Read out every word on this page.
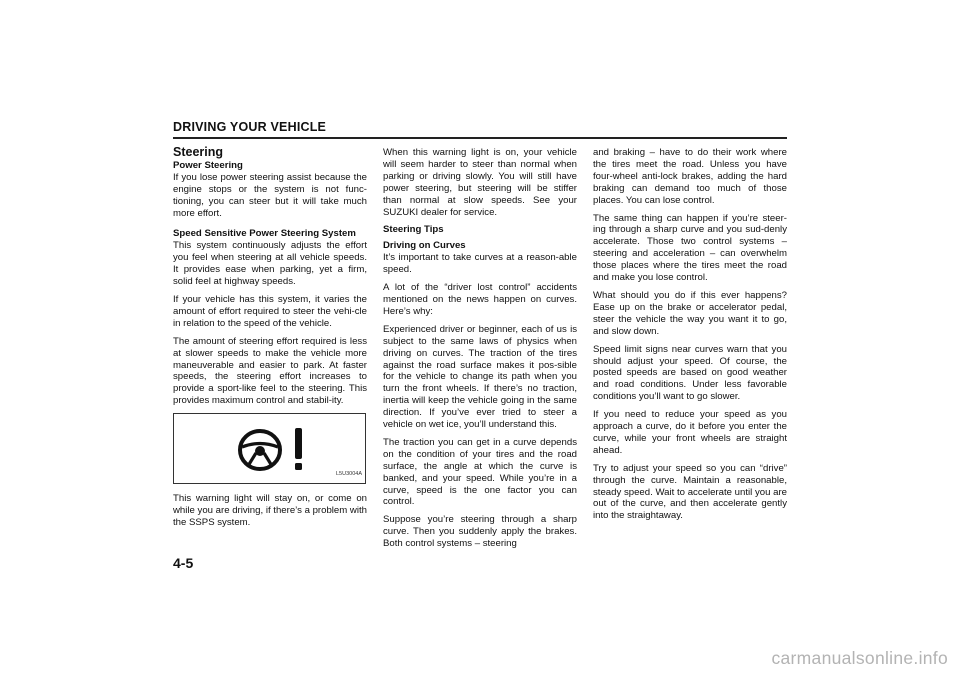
DRIVING YOUR VEHICLE
Steering
Power Steering

If you lose power steering assist because the engine stops or the system is not func-tioning, you can steer but it will take much more effort.

Speed Sensitive Power Steering System

This system continuously adjusts the effort you feel when steering at all vehicle speeds. It provides ease when parking, yet a firm, solid feel at highway speeds.

If your vehicle has this system, it varies the amount of effort required to steer the vehi-cle in relation to the speed of the vehicle.

The amount of steering effort required is less at slower speeds to make the vehicle more maneuverable and easier to park. At faster speeds, the steering effort increases to provide a sport-like feel to the steering. This provides maximum control and stabil-ity.

L5U3004A

This warning light will stay on, or come on while you are driving, if there’s a problem with the SSPS system.

When this warning light is on, your vehicle will seem harder to steer than normal when parking or driving slowly. You will still have power steering, but steering will be stiffer than normal at slow speeds. See your SUZUKI dealer for service.

Steering Tips
Driving on Curves

It’s important to take curves at a reason-able speed.

A lot of the “driver lost control” accidents mentioned on the news happen on curves. Here’s why:

Experienced driver or beginner, each of us is subject to the same laws of physics when driving on curves. The traction of the tires against the road surface makes it pos-sible for the vehicle to change its path when you turn the front wheels. If there’s no traction, inertia will keep the vehicle going in the same direction. If you’ve ever tried to steer a vehicle on wet ice, you’ll understand this.

The traction you can get in a curve depends on the condition of your tires and the road surface, the angle at which the curve is banked, and your speed. While you’re in a curve, speed is the one factor you can control.

Suppose you’re steering through a sharp curve. Then you suddenly apply the brakes. Both control systems – steering

and braking – have to do their work where the tires meet the road. Unless you have four-wheel anti-lock brakes, adding the hard braking can demand too much of those places. You can lose control.

The same thing can happen if you’re steer-ing through a sharp curve and you sud-denly accelerate. Those two control systems – steering and acceleration – can overwhelm those places where the tires meet the road and make you lose control.

What should you do if this ever happens? Ease up on the brake or accelerator pedal, steer the vehicle the way you want it to go, and slow down.

Speed limit signs near curves warn that you should adjust your speed. Of course, the posted speeds are based on good weather and road conditions. Under less favorable conditions you’ll want to go slower.

If you need to reduce your speed as you approach a curve, do it before you enter the curve, while your front wheels are straight ahead.

Try to adjust your speed so you can “drive” through the curve. Maintain a reasonable, steady speed. Wait to accelerate until you are out of the curve, and then accelerate gently into the straightaway.

4-5
carmanualsonline.info
